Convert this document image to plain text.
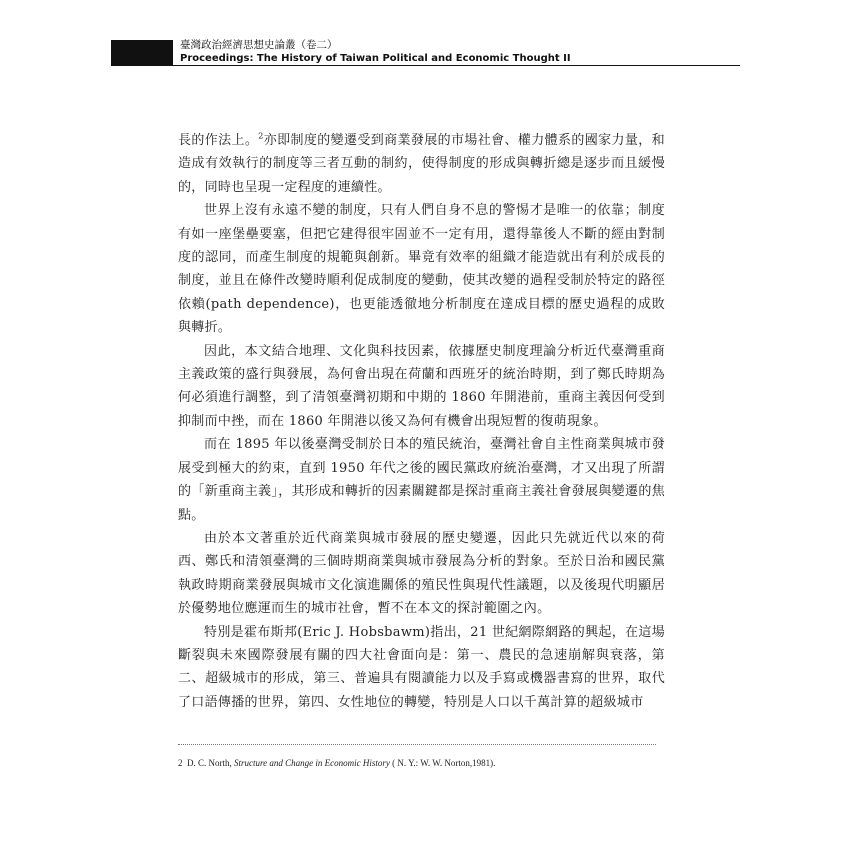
臺灣政治經濟思想史論叢（卷二）
Proceedings: The History of Taiwan Political and Economic Thought II

長的作法上。$^2$亦即制度的變遷受到商業發展的市場社會、權力體系的國家力量，和造成有效執行的制度等三者互動的制約，使得制度的形成與轉折總是逐步而且緩慢的，同時也呈現一定程度的連續性。

世界上沒有永遠不變的制度，只有人們自身不息的警惕才是唯一的依靠；制度有如一座堡壘要塞，但把它建得很牢固並不一定有用，還得靠後人不斷的經由對制度的認同，而產生制度的規範與創新。畢竟有效率的組織才能造就出有利於成長的制度，並且在條件改變時順利促成制度的變動，使其改變的過程受制於特定的路徑依賴(path dependence)，也更能透徹地分析制度在達成目標的歷史過程的成敗與轉折。

因此，本文結合地理、文化與科技因素，依據歷史制度理論分析近代臺灣重商主義政策的盛行與發展，為何會出現在荷蘭和西班牙的統治時期，到了鄭氏時期為何必須進行調整，到了清領臺灣初期和中期的 1860 年開港前，重商主義因何受到抑制而中挫，而在 1860 年開港以後又為何有機會出現短暫的復萌現象。

而在 1895 年以後臺灣受制於日本的殖民統治，臺灣社會自主性商業與城市發展受到極大的約束，直到 1950 年代之後的國民黨政府統治臺灣，才又出現了所謂的「新重商主義」，其形成和轉折的因素關鍵都是探討重商主義社會發展與變遷的焦點。

由於本文著重於近代商業與城市發展的歷史變遷，因此只先就近代以來的荷西、鄭氏和清領臺灣的三個時期商業與城市發展為分析的對象。至於日治和國民黨執政時期商業發展與城市文化演進關係的殖民性與現代性議題，以及後現代明顯居於優勢地位應運而生的城市社會，暫不在本文的探討範圍之內。

特別是霍布斯邦(Eric J. Hobsbawm)指出，21 世紀網際網路的興起，在這場斷裂與未來國際發展有關的四大社會面向是：第一、農民的急速崩解與衰落，第二、超級城市的形成，第三、普遍具有閱讀能力以及手寫或機器書寫的世界，取代了口語傳播的世界，第四、女性地位的轉變，特別是人口以千萬計算的超級城市

2 D. C. North, Structure and Change in Economic History ( N. Y.: W. W. Norton,1981).
